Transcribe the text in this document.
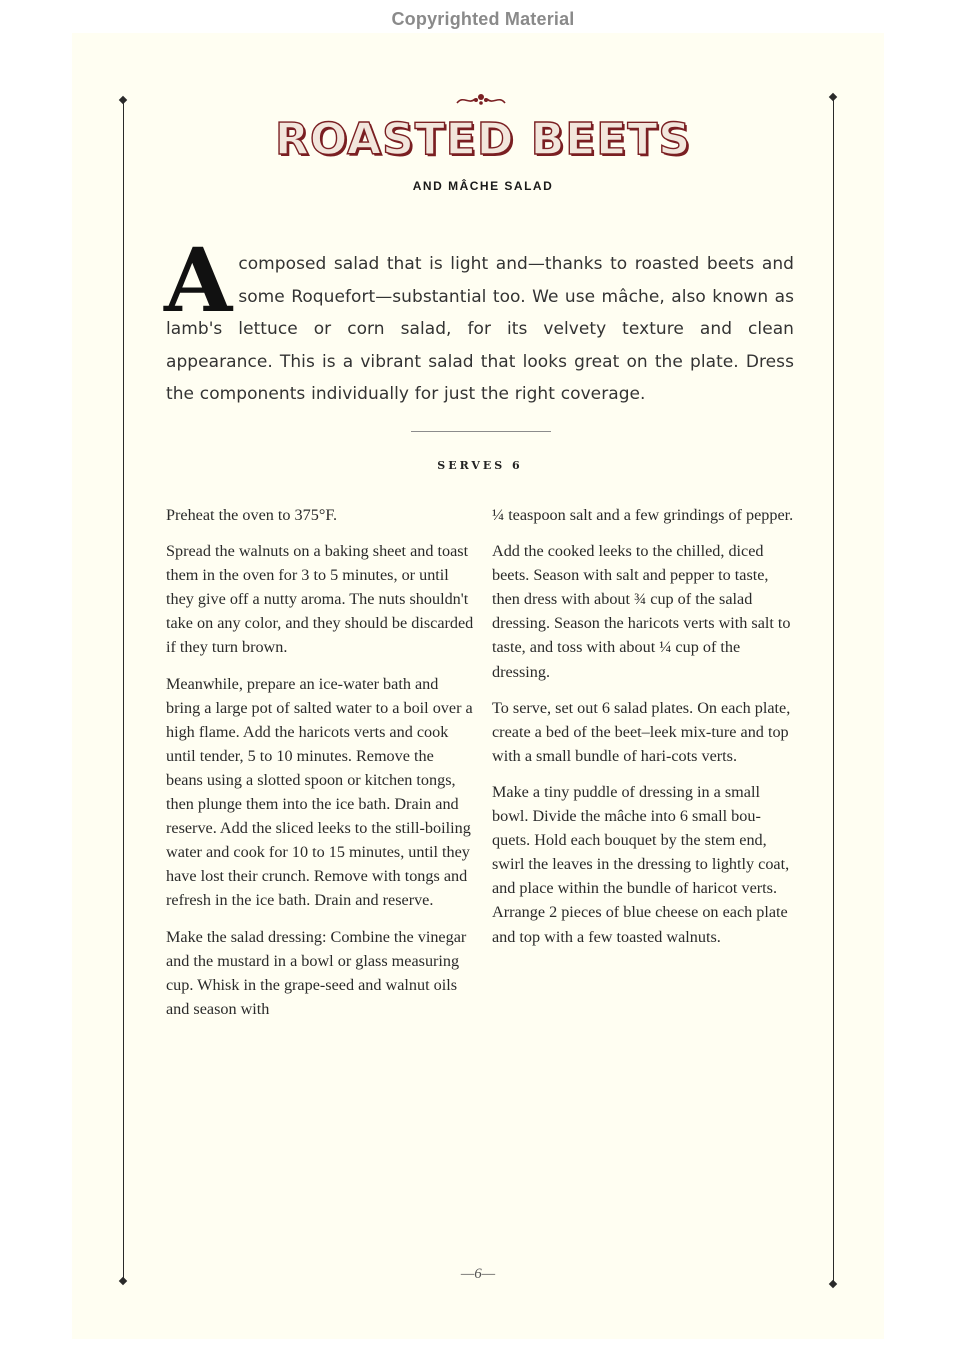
Copyrighted Material
ROASTED BEETS
AND MÂCHE SALAD
A composed salad that is light and—thanks to roasted beets and some Roquefort—substantial too. We use mâche, also known as lamb's lettuce or corn salad, for its velvety texture and clean appearance. This is a vibrant salad that looks great on the plate. Dress the components individually for just the right coverage.
SERVES 6

Preheat the oven to 375°F.

Spread the walnuts on a baking sheet and toast them in the oven for 3 to 5 minutes, or until they give off a nutty aroma. The nuts shouldn't take on any color, and they should be discarded if they turn brown.

Meanwhile, prepare an ice-water bath and bring a large pot of salted water to a boil over a high flame. Add the haricots verts and cook until tender, 5 to 10 minutes. Remove the beans using a slotted spoon or kitchen tongs, then plunge them into the ice bath. Drain and reserve. Add the sliced leeks to the still-boiling water and cook for 10 to 15 minutes, until they have lost their crunch. Remove with tongs and refresh in the ice bath. Drain and reserve.

Make the salad dressing: Combine the vinegar and the mustard in a bowl or glass measuring cup. Whisk in the grape-seed and walnut oils and season with

¼ teaspoon salt and a few grindings of pepper.

Add the cooked leeks to the chilled, diced beets. Season with salt and pepper to taste, then dress with about ¾ cup of the salad dressing. Season the haricots verts with salt to taste, and toss with about ¼ cup of the dressing.

To serve, set out 6 salad plates. On each plate, create a bed of the beet–leek mix-ture and top with a small bundle of hari-cots verts.

Make a tiny puddle of dressing in a small bowl. Divide the mâche into 6 small bou-quets. Hold each bouquet by the stem end, swirl the leaves in the dressing to lightly coat, and place within the bundle of haricot verts. Arrange 2 pieces of blue cheese on each plate and top with a few toasted walnuts.

—6—
